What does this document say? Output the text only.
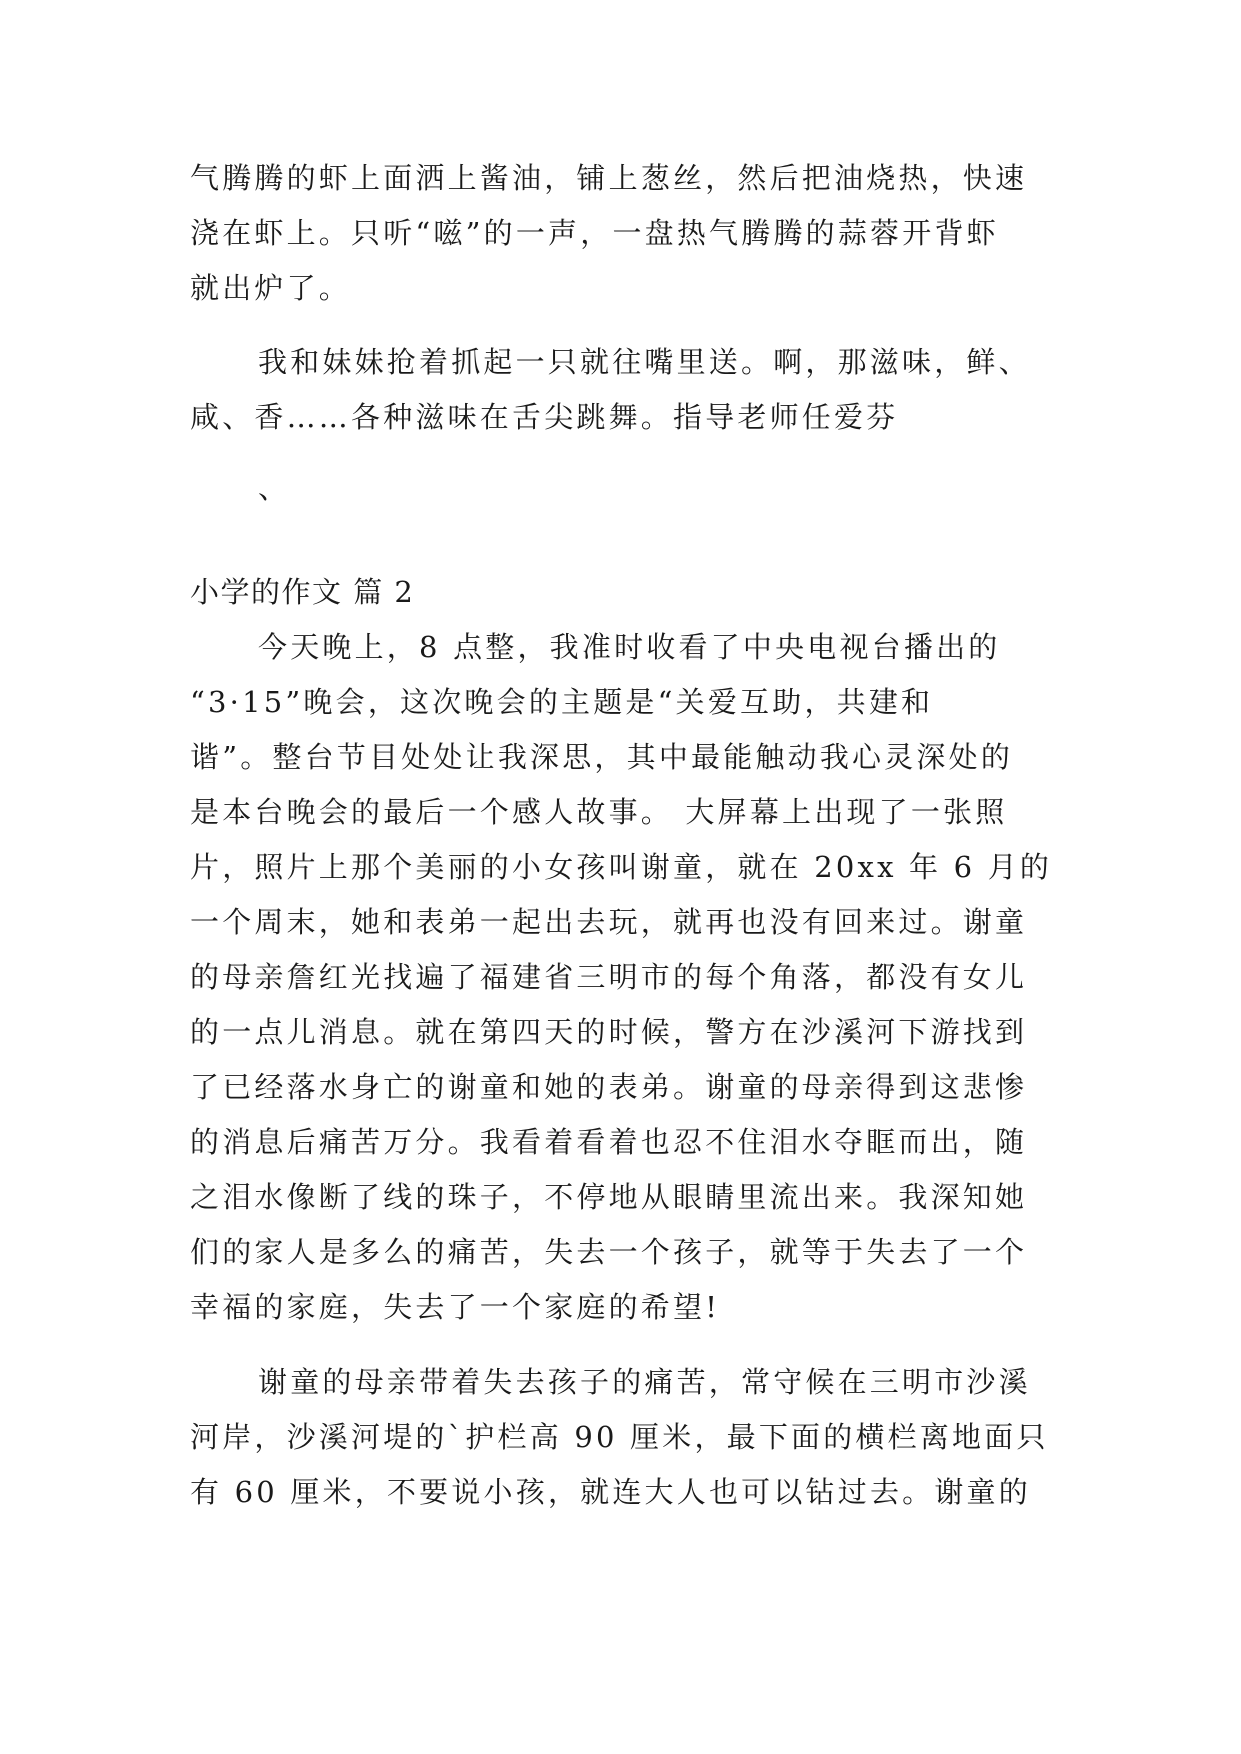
气腾腾的虾上面洒上酱油，铺上葱丝，然后把油烧热，快速
浇在虾上。只听“嗞”的一声，一盘热气腾腾的蒜蓉开背虾
就出炉了。
我和妹妹抢着抓起一只就往嘴里送。啊，那滋味，鲜、
咸、香……各种滋味在舌尖跳舞。指导老师任爱芬
、
小学的作文 篇 2
今天晚上，8 点整，我准时收看了中央电视台播出的
“3·15”晚会，这次晚会的主题是“关爱互助，共建和
谐”。整台节目处处让我深思，其中最能触动我心灵深处的
是本台晚会的最后一个感人故事。 大屏幕上出现了一张照
片，照片上那个美丽的小女孩叫谢童，就在 20xx 年 6 月的
一个周末，她和表弟一起出去玩，就再也没有回来过。谢童
的母亲詹红光找遍了福建省三明市的每个角落，都没有女儿
的一点儿消息。就在第四天的时候，警方在沙溪河下游找到
了已经落水身亡的谢童和她的表弟。谢童的母亲得到这悲惨
的消息后痛苦万分。我看着看着也忍不住泪水夺眶而出，随
之泪水像断了线的珠子，不停地从眼睛里流出来。我深知她
们的家人是多么的痛苦，失去一个孩子，就等于失去了一个
幸福的家庭，失去了一个家庭的希望!
谢童的母亲带着失去孩子的痛苦，常守候在三明市沙溪
河岸，沙溪河堤的`护栏高 90 厘米，最下面的横栏离地面只
有 60 厘米，不要说小孩，就连大人也可以钻过去。谢童的
